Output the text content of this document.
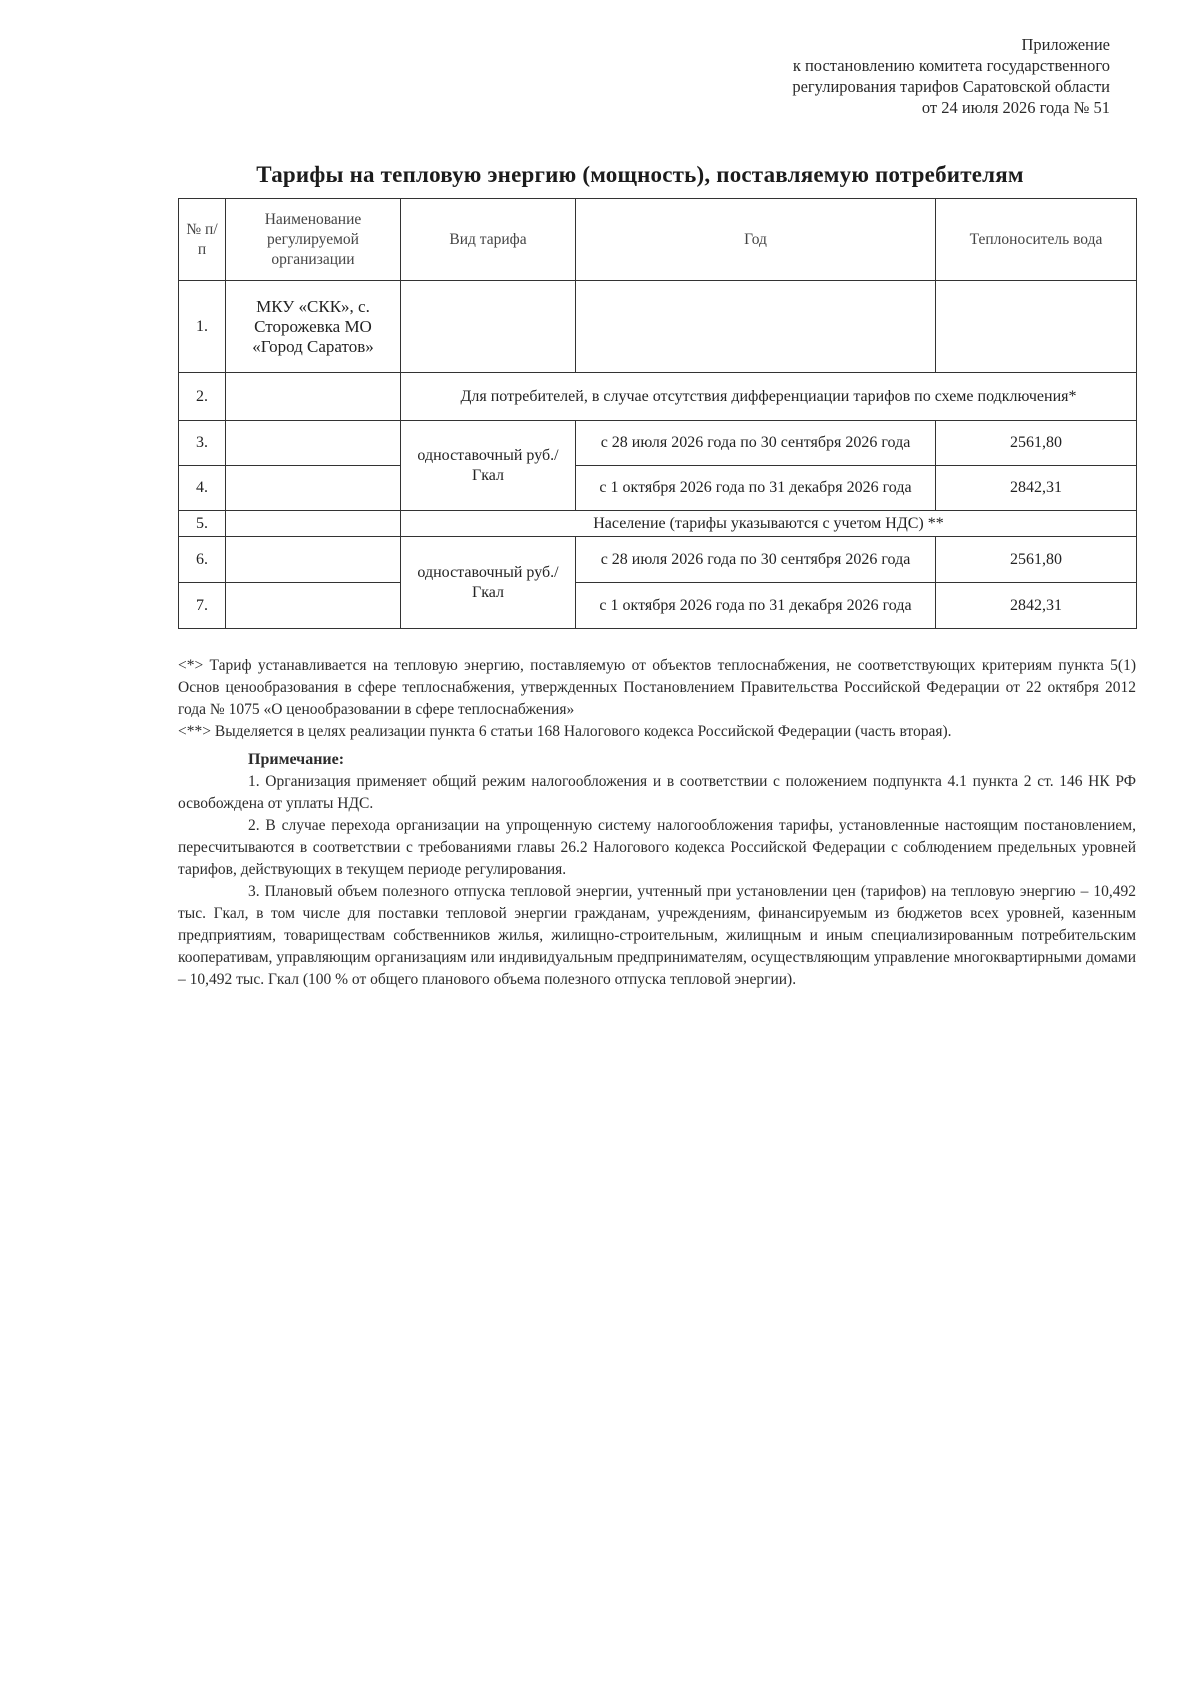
Приложение
к постановлению комитета государственного
регулирования тарифов Саратовской области
от 24 июля 2026 года № 51
Тарифы на тепловую энергию (мощность), поставляемую потребителям
№ п/п	Наименование регулируемой организации	Вид тарифа	Год	Теплоноситель вода
1.	МКУ «СКК», с. Сторожевка МО «Город Саратов»			
2.		Для потребителей, в случае отсутствия дифференциации тарифов по схеме подключения*		
3.		одноставочный руб./Гкал	с 28 июля 2026 года по 30 сентября 2026 года	2561,80
4.			с 1 октября 2026 года по 31 декабря 2026 года	2842,31
5.		Население (тарифы указываются с учетом НДС) **		
6.		одноставочный руб./Гкал	с 28 июля 2026 года по 30 сентября 2026 года	2561,80
7.			с 1 октября 2026 года по 31 декабря 2026 года	2842,31

<*> Тариф устанавливается на тепловую энергию, поставляемую от объектов теплоснабжения, не соответствующих критериям пункта 5(1) Основ ценообразования в сфере теплоснабжения, утвержденных Постановлением Правительства Российской Федерации от 22 октября 2012 года № 1075 «О ценообразовании в сфере теплоснабжения»

<**> Выделяется в целях реализации пункта 6 статьи 168 Налогового кодекса Российской Федерации (часть вторая).

Примечание:

1. Организация применяет общий режим налогообложения и в соответствии с положением подпункта 4.1 пункта 2 ст. 146 НК РФ освобождена от уплаты НДС.

2. В случае перехода организации на упрощенную систему налогообложения тарифы, установленные настоящим постановлением, пересчитываются в соответствии с требованиями главы 26.2 Налогового кодекса Российской Федерации с соблюдением предельных уровней тарифов, действующих в текущем периоде регулирования.

3. Плановый объем полезного отпуска тепловой энергии, учтенный при установлении цен (тарифов) на тепловую энергию – 10,492 тыс. Гкал, в том числе для поставки тепловой энергии гражданам, учреждениям, финансируемым из бюджетов всех уровней, казенным предприятиям, товариществам собственников жилья, жилищно-строительным, жилищным и иным специализированным потребительским кооперативам, управляющим организациям или индивидуальным предпринимателям, осуществляющим управление многоквартирными домами – 10,492 тыс. Гкал (100 % от общего планового объема полезного отпуска тепловой энергии).
